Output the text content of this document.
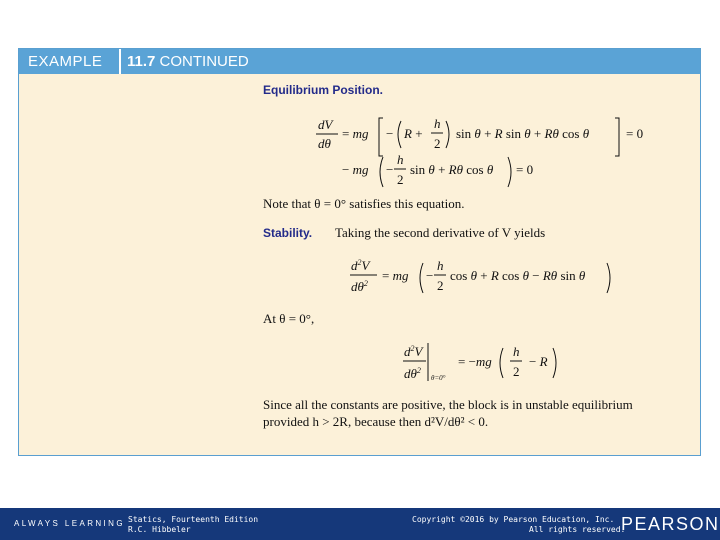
EXAMPLE 11.7 CONTINUED
Equilibrium Position.
dV
dθ
= mg − R +
h
2
sin θ + R sin θ + Rθ cos θ	= 0
− mg −
h
2
sin θ + Rθ cos θ = 0
$d^2V$
$d\theta^2$
= mg −
h
2
cos θ + R cos θ − Rθ sin θ
$d^2V$
$d\theta^2$
θ=0°
= −mg
h
2
− R
Note that θ = 0° satisfies this equation.
Stability. Taking the second derivative of V yields
At θ = 0°,
Since all the constants are positive, the block is in unstable equilibrium
provided h > 2R, because then d²V/dθ² < 0.
ALWAYS LEARNING Statics, Fourteenth Edition
R.C. Hibbeler
Copyright ©2016 by Pearson Education, Inc.
All rights reserved.
PEARSON
